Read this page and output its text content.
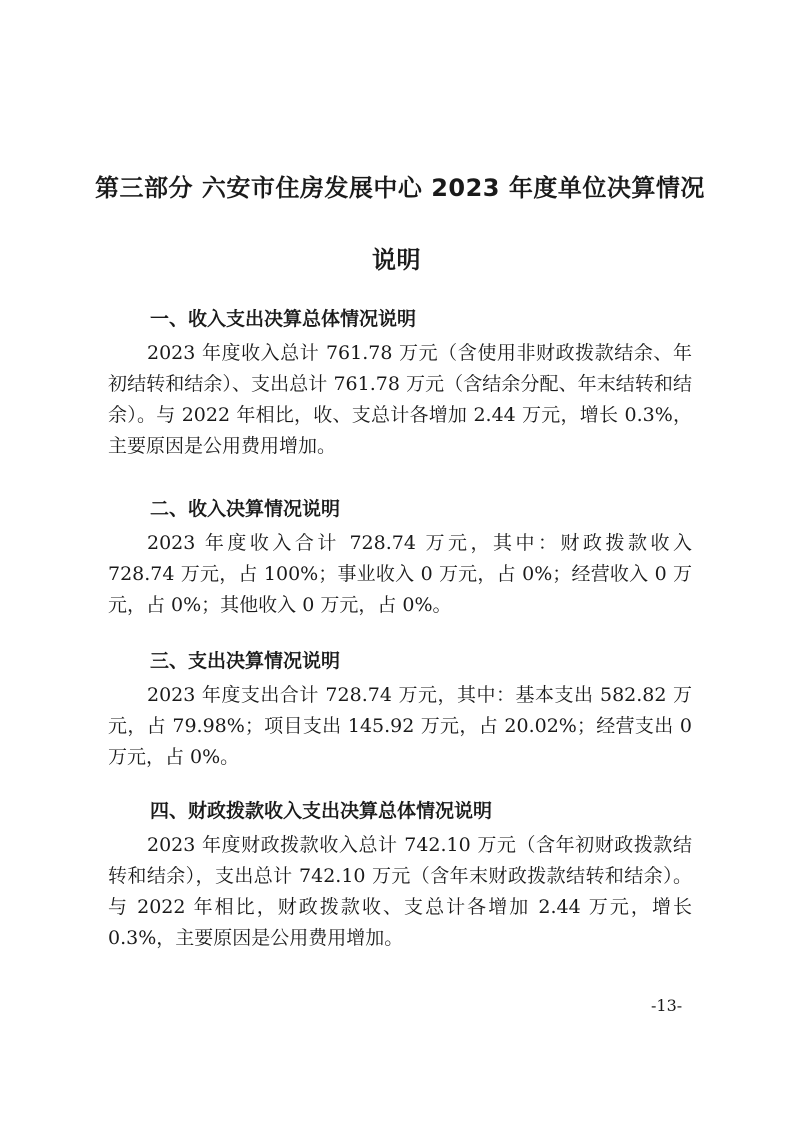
第三部分 六安市住房发展中心 2023 年度单位决算情况
说明
一、收入支出决算总体情况说明

2023 年度收入总计 761.78 万元（含使用非财政拨款结余、年初结转和结余）、支出总计 761.78 万元（含结余分配、年末结转和结余）。与 2022 年相比，收、支总计各增加 2.44 万元，增长 0.3%，主要原因是公用费用增加。

二、收入决算情况说明

2023 年度收入合计 728.74 万元，其中：财政拨款收入 728.74 万元，占 100%；事业收入 0 万元，占 0%；经营收入 0 万元，占 0%；其他收入 0 万元，占 0%。

三、支出决算情况说明

2023 年度支出合计 728.74 万元，其中：基本支出 582.82 万元，占 79.98%；项目支出 145.92 万元，占 20.02%；经营支出 0 万元，占 0%。

四、财政拨款收入支出决算总体情况说明

2023 年度财政拨款收入总计 742.10 万元（含年初财政拨款结转和结余），支出总计 742.10 万元（含年末财政拨款结转和结余）。与 2022 年相比，财政拨款收、支总计各增加 2.44 万元，增长 0.3%，主要原因是公用费用增加。

-13-
